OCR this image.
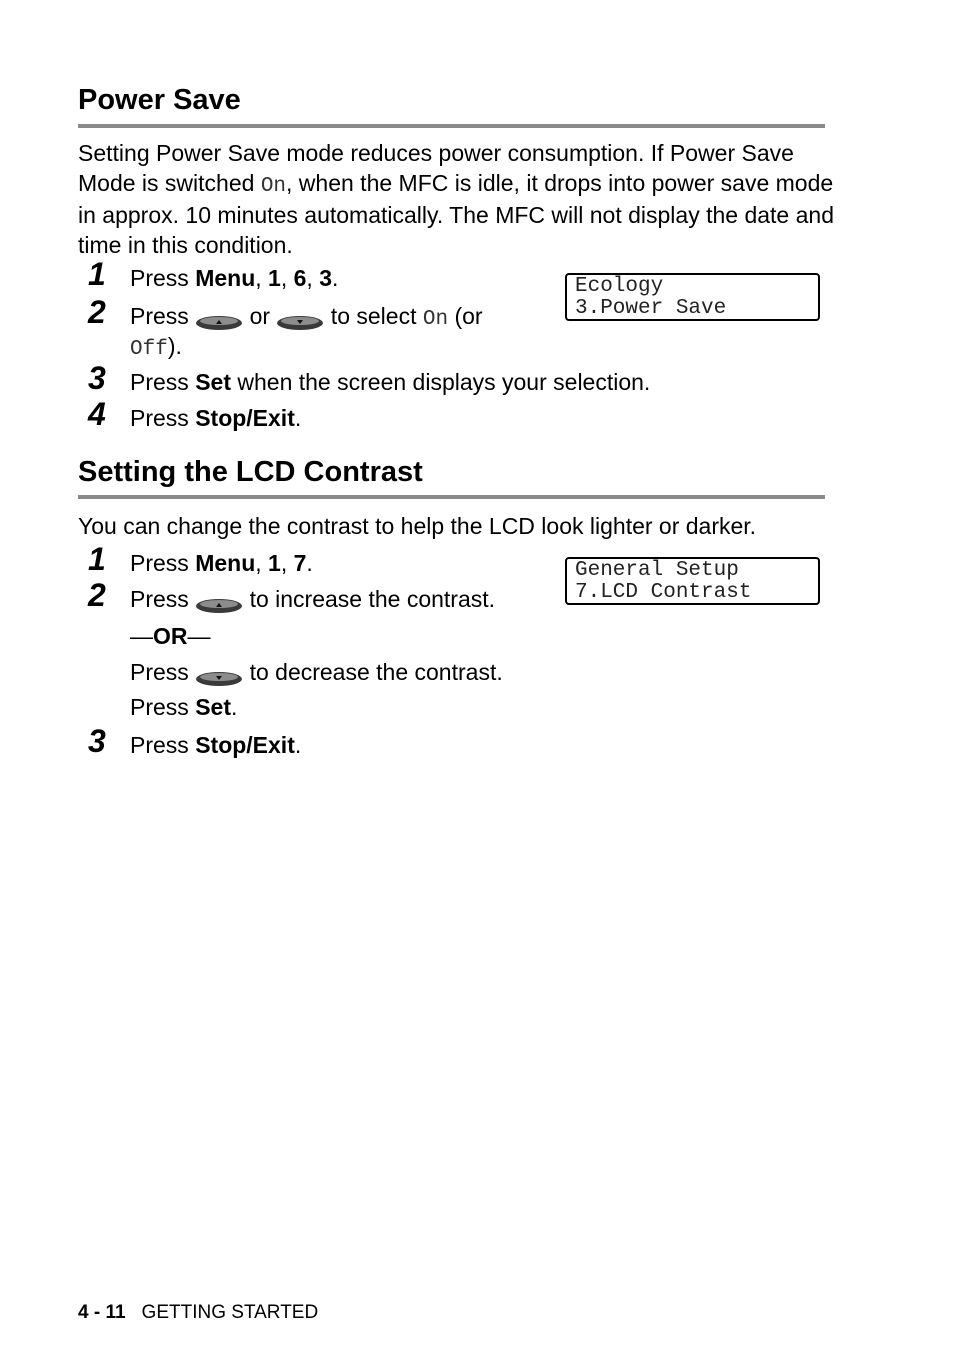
Power Save
Setting Power Save mode reduces power consumption. If Power Save Mode is switched On, when the MFC is idle, it drops into power save mode in approx. 10 minutes automatically. The MFC will not display the date and time in this condition.
Ecology
3.Power Save
1 Press Menu, 1, 6, 3.
2 Press  or  to select On (or
Off).
3 Press Set when the screen displays your selection.
4 Press Stop/Exit.
Setting the LCD Contrast
You can change the contrast to help the LCD look lighter or darker.
General Setup
7.LCD Contrast
1 Press Menu, 1, 7.
2 Press  to increase the contrast.
—OR—
Press  to decrease the contrast.
Press Set.
3 Press Stop/Exit.
4 - 11 GETTING STARTED
